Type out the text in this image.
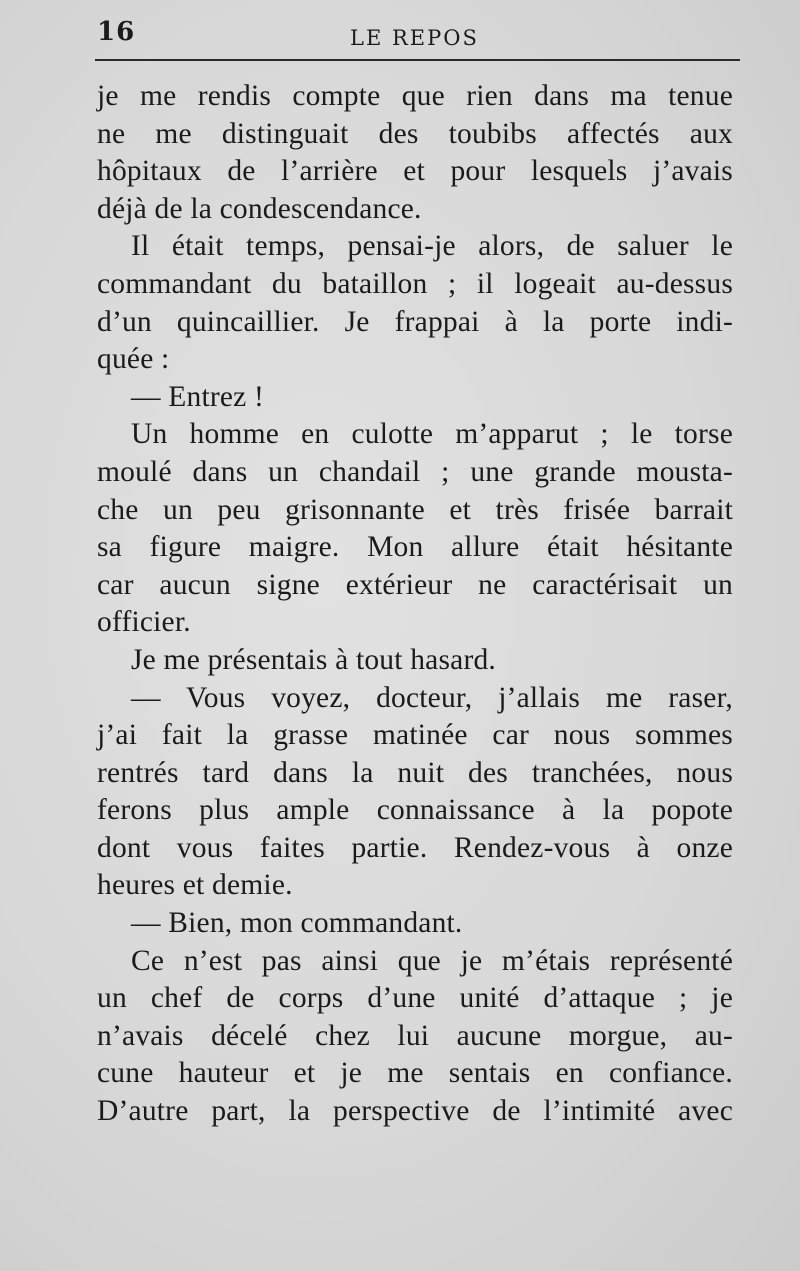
16	LE REPOS
je me rendis compte que rien dans ma tenue
ne me distinguait des toubibs affectés aux
hôpitaux de l’arrière et pour lesquels j’avais
déjà de la condescendance.
Il était temps, pensai-je alors, de saluer le
commandant du bataillon ; il logeait au-dessus
d’un quincaillier. Je frappai à la porte indi-
quée :
— Entrez !
Un homme en culotte m’apparut ; le torse
moulé dans un chandail ; une grande mousta-
che un peu grisonnante et très frisée barrait
sa figure maigre. Mon allure était hésitante
car aucun signe extérieur ne caractérisait un
officier.
Je me présentais à tout hasard.
— Vous voyez, docteur, j’allais me raser,
j’ai fait la grasse matinée car nous sommes
rentrés tard dans la nuit des tranchées, nous
ferons plus ample connaissance à la popote
dont vous faites partie. Rendez-vous à onze
heures et demie.
— Bien, mon commandant.
Ce n’est pas ainsi que je m’étais représenté
un chef de corps d’une unité d’attaque ; je
n’avais décelé chez lui aucune morgue, au-
cune hauteur et je me sentais en confiance.
D’autre part, la perspective de l’intimité avec
